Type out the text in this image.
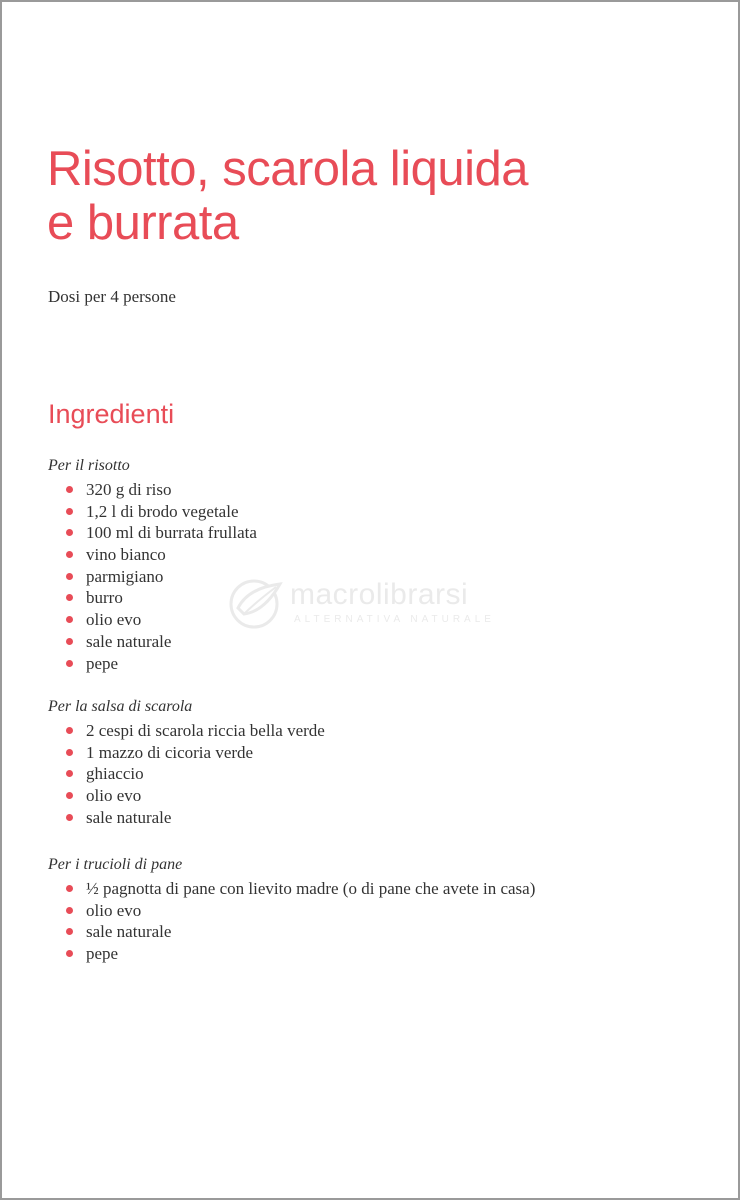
Risotto, scarola liquida
e burrata
Dosi per 4 persone
Ingredienti
Per il risotto
320 g di riso
1,2 l di brodo vegetale
100 ml di burrata frullata
vino bianco
parmigiano
burro
olio evo
sale naturale
pepe
Per la salsa di scarola
2 cespi di scarola riccia bella verde
1 mazzo di cicoria verde
ghiaccio
olio evo
sale naturale
Per i trucioli di pane
½ pagnotta di pane con lievito madre (o di pane che avete in casa)
olio evo
sale naturale
pepe
macrolibrarsi
ALTERNATIVA NATURALE
